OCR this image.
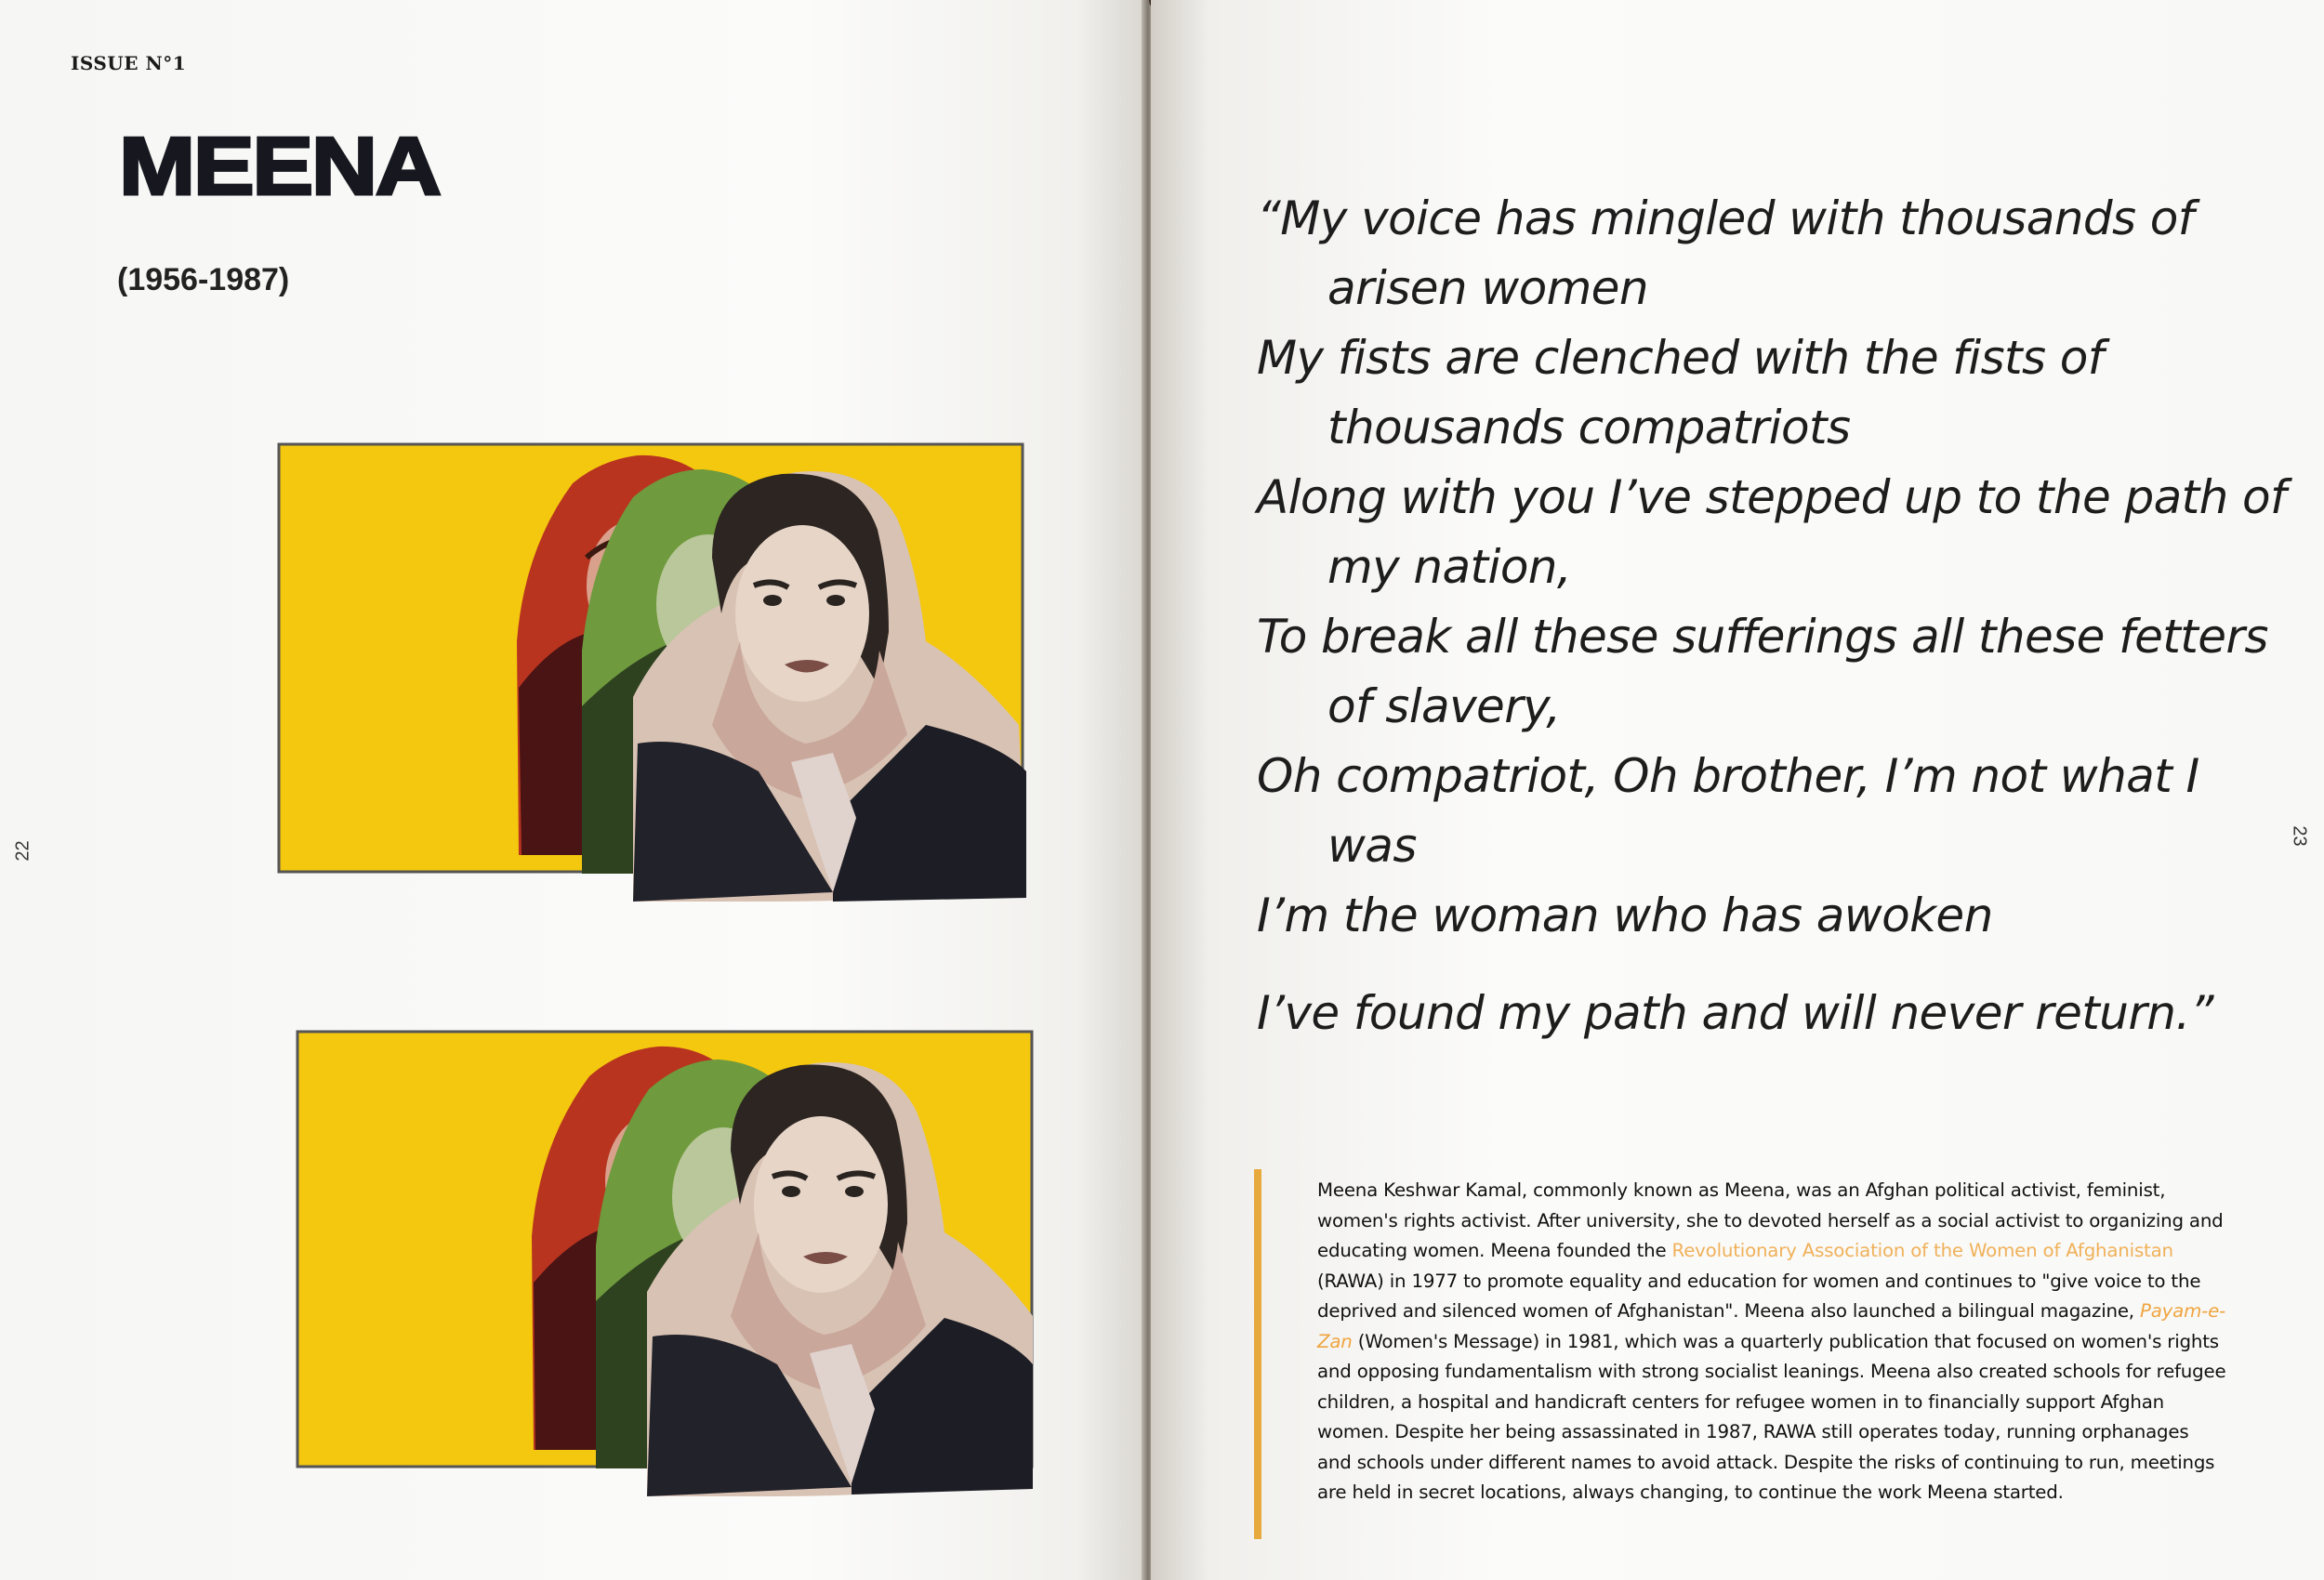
ISSUE N°1
MEENA
(1956-1987)
22
23
“My voice has mingled with thousands of
arisen women
My fists are clenched with the fists of
thousands compatriots
Along with you I’ve stepped up to the path of
my nation,
To break all these sufferings all these fetters
of slavery,
Oh compatriot, Oh brother, I’m not what I
was
I’m the woman who has awoken
I’ve found my path and will never return.”
Meena Keshwar Kamal, commonly known as Meena, was an Afghan political activist, feminist, women's rights activist. After university, she to devoted herself as a social activist to organizing and educating women. Meena founded the Revolutionary Association of the Women of Afghanistan (RAWA) in 1977 to promote equality and education for women and continues to "give voice to the deprived and silenced women of Afghanistan". Meena also launched a bilingual magazine, Payam-e-Zan (Women's Message) in 1981, which was a quarterly publication that focused on women's rights and opposing fundamentalism with strong socialist leanings. Meena also created schools for refugee children, a hospital and handicraft centers for refugee women in to financially support Afghan women. Despite her being assassinated in 1987, RAWA still operates today, running orphanages and schools under different names to avoid attack. Despite the risks of continuing to run, meetings are held in secret locations, always changing, to continue the work Meena started.
